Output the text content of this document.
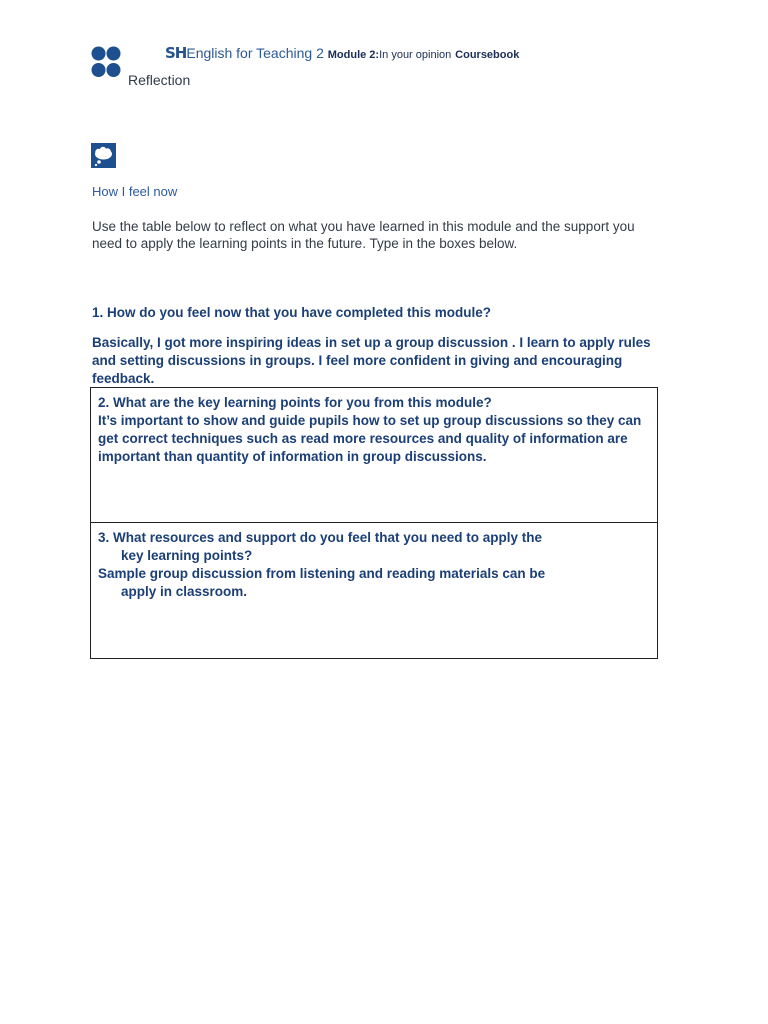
SHEnglish for Teaching 2 Module 2:In your opinion Coursebook
Reflection
How I feel now
Use the table below to reflect on what you have learned in this module and the support you need to apply the learning points in the future. Type in the boxes below.
1. How do you feel now that you have completed this module?
Basically, I got more inspiring ideas in set up a group discussion . I learn to apply rules and setting discussions in groups. I feel more confident in giving and encouraging feedback.
2. What are the key learning points for you from this module?
It’s important to show and guide pupils how to set up group discussions so they can get correct techniques such as read more resources and quality of information are important than quantity of information in group discussions.
3. What resources and support do you feel that you need to apply the
key learning points?
Sample group discussion from listening and reading materials can be
apply in classroom.
